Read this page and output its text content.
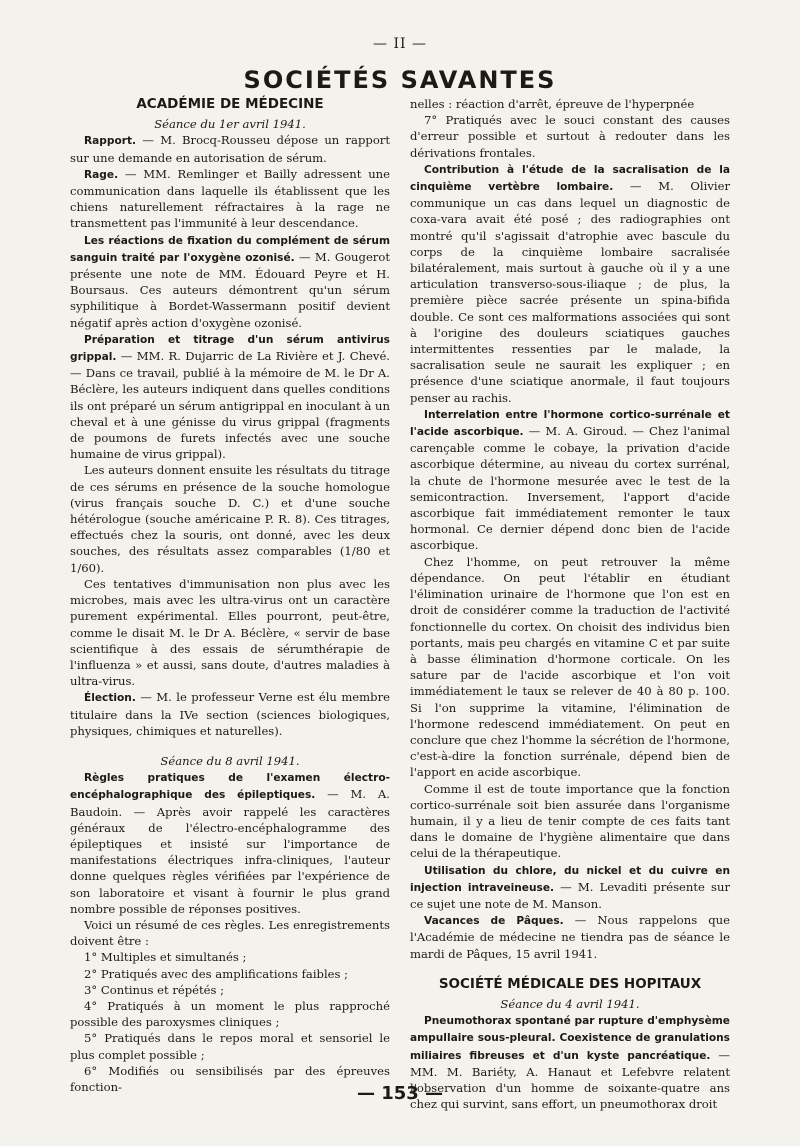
— II —
SOCIÉTÉS SAVANTES
ACADÉMIE DE MÉDECINE

Séance du 1er avril 1941.

Rapport. — M. Brocq-Rousseu dépose un rapport sur une demande en autorisation de sérum.

Rage. — MM. Remlinger et Bailly adressent une communication dans laquelle ils établissent que les chiens naturellement réfractaires à la rage ne transmettent pas l'immunité à leur descendance.

Les réactions de fixation du complément de sérum sanguin traité par l'oxygène ozonisé. — M. Gougerot présente une note de MM. Édouard Peyre et H. Boursaus. Ces auteurs démontrent qu'un sérum syphilitique à Bordet-Wassermann positif devient négatif après action d'oxygène ozonisé.

Préparation et titrage d'un sérum antivirus grippal. — MM. R. Dujarric de La Rivière et J. Chevé. — Dans ce travail, publié à la mémoire de M. le Dr A. Béclère, les auteurs indiquent dans quelles conditions ils ont préparé un sérum antigrippal en inoculant à un cheval et à une génisse du virus grippal (fragments de poumons de furets infectés avec une souche humaine de virus grippal).

Les auteurs donnent ensuite les résultats du titrage de ces sérums en présence de la souche homologue (virus français souche D. C.) et d'une souche hétérologue (souche américaine P. R. 8). Ces titrages, effectués chez la souris, ont donné, avec les deux souches, des résultats assez comparables (1/80 et 1/60).

Ces tentatives d'immunisation non plus avec les microbes, mais avec les ultra-virus ont un caractère purement expérimental. Elles pourront, peut-être, comme le disait M. le Dr A. Béclère, « servir de base scientifique à des essais de sérumthérapie de l'influenza » et aussi, sans doute, d'autres maladies à ultra-virus.

Élection. — M. le professeur Verne est élu membre titulaire dans la IVe section (sciences biologiques, physiques, chimiques et naturelles).

Séance du 8 avril 1941.

Règles pratiques de l'examen électro-encéphalographique des épileptiques. — M. A. Baudoin. — Après avoir rappelé les caractères généraux de l'électro-encéphalogramme des épileptiques et insisté sur l'importance de manifestations électriques infra-cliniques, l'auteur donne quelques règles vérifiées par l'expérience de son laboratoire et visant à fournir le plus grand nombre possible de réponses positives.

Voici un résumé de ces règles. Les enregistrements doivent être :

1° Multiples et simultanés ;

2° Pratiqués avec des amplifications faibles ;

3° Continus et répétés ;

4° Pratiqués à un moment le plus rapproché possible des paroxysmes cliniques ;

5° Pratiqués dans le repos moral et sensoriel le plus complet possible ;

6° Modifiés ou sensibilisés par des épreuves fonction-

nelles : réaction d'arrêt, épreuve de l'hyperpnée

7° Pratiqués avec le souci constant des causes d'erreur possible et surtout à redouter dans les dérivations frontales.

Contribution à l'étude de la sacralisation de la cinquième vertèbre lombaire. — M. Olivier communique un cas dans lequel un diagnostic de coxa-vara avait été posé ; des radiographies ont montré qu'il s'agissait d'atrophie avec bascule du corps de la cinquième lombaire sacralisée bilatéralement, mais surtout à gauche où il y a une articulation transverso-sous-iliaque ; de plus, la première pièce sacrée présente un spina-bifida double. Ce sont ces malformations associées qui sont à l'origine des douleurs sciatiques gauches intermittentes ressenties par le malade, la sacralisation seule ne saurait les expliquer ; en présence d'une sciatique anormale, il faut toujours penser au rachis.

Interrelation entre l'hormone cortico-surrénale et l'acide ascorbique. — M. A. Giroud. — Chez l'animal carençable comme le cobaye, la privation d'acide ascorbique détermine, au niveau du cortex surrénal, la chute de l'hormone mesurée avec le test de la semicontraction. Inversement, l'apport d'acide ascorbique fait immédiatement remonter le taux hormonal. Ce dernier dépend donc bien de l'acide ascorbique.

Chez l'homme, on peut retrouver la même dépendance. On peut l'établir en étudiant l'élimination urinaire de l'hormone que l'on est en droit de considérer comme la traduction de l'activité fonctionnelle du cortex. On choisit des individus bien portants, mais peu chargés en vitamine C et par suite à basse élimination d'hormone corticale. On les sature par de l'acide ascorbique et l'on voit immédiatement le taux se relever de 40 à 80 p. 100. Si l'on supprime la vitamine, l'élimination de l'hormone redescend immédiatement. On peut en conclure que chez l'homme la sécrétion de l'hormone, c'est-à-dire la fonction surrénale, dépend bien de l'apport en acide ascorbique.

Comme il est de toute importance que la fonction cortico-surrénale soit bien assurée dans l'organisme humain, il y a lieu de tenir compte de ces faits tant dans le domaine de l'hygiène alimentaire que dans celui de la thérapeutique.

Utilisation du chlore, du nickel et du cuivre en injection intraveineuse. — M. Levaditi présente sur ce sujet une note de M. Manson.

Vacances de Pâques. — Nous rappelons que l'Académie de médecine ne tiendra pas de séance le mardi de Pâques, 15 avril 1941.

SOCIÉTÉ MÉDICALE DES HOPITAUX

Séance du 4 avril 1941.

Pneumothorax spontané par rupture d'emphysème ampullaire sous-pleural. Coexistence de granulations miliaires fibreuses et d'un kyste pancréatique. — MM. M. Bariéty, A. Hanaut et Lefebvre relatent l'observation d'un homme de soixante-quatre ans chez qui survint, sans effort, un pneumothorax droit

— 153 —
